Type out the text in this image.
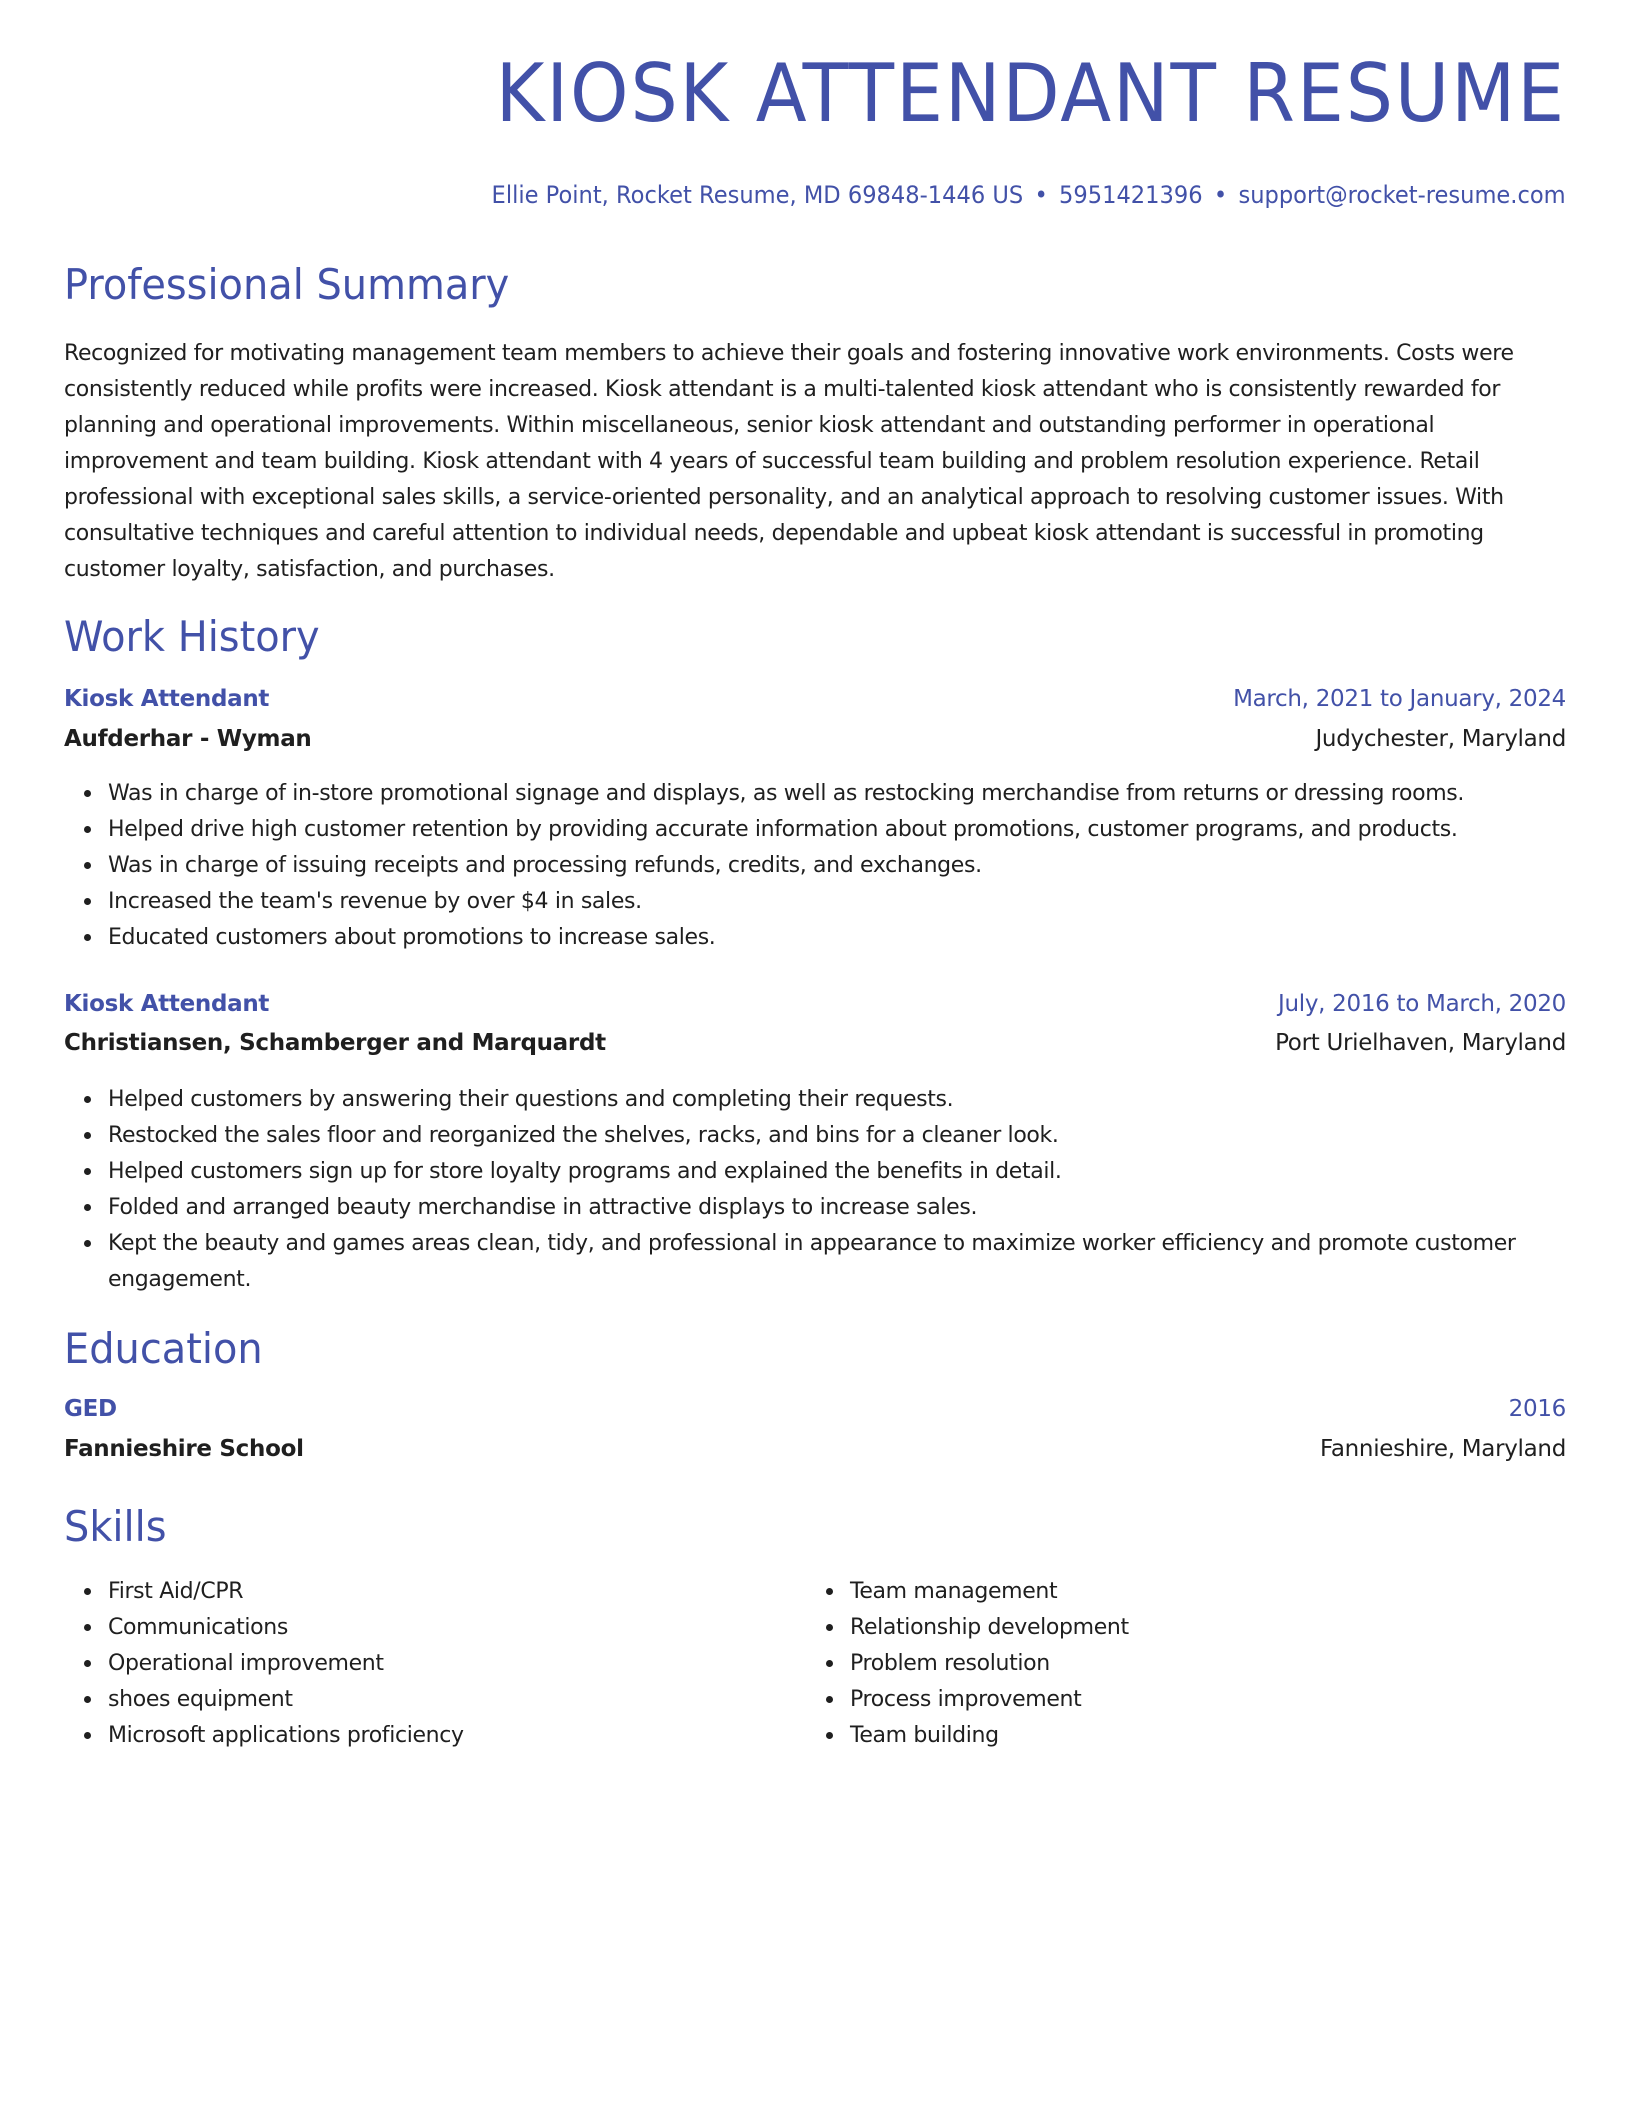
KIOSK ATTENDANT RESUME
Ellie Point, Rocket Resume, MD 69848-1446 US • 5951421396 • support@rocket-resume.com
Professional Summary

Recognized for motivating management team members to achieve their goals and fostering innovative work environments. Costs were consistently reduced while profits were increased. Kiosk attendant is a multi-talented kiosk attendant who is consistently rewarded for planning and operational improvements. Within miscellaneous, senior kiosk attendant and outstanding performer in operational improvement and team building. Kiosk attendant with 4 years of successful team building and problem resolution experience. Retail professional with exceptional sales skills, a service-oriented personality, and an analytical approach to resolving customer issues. With consultative techniques and careful attention to individual needs, dependable and upbeat kiosk attendant is successful in promoting customer loyalty, satisfaction, and purchases.

Work History
Kiosk Attendant	March, 2021 to January, 2024
Aufderhar - Wyman	Judychester, Maryland
Was in charge of in-store promotional signage and displays, as well as restocking merchandise from returns or dressing rooms.
Helped drive high customer retention by providing accurate information about promotions, customer programs, and products.
Was in charge of issuing receipts and processing refunds, credits, and exchanges.
Increased the team's revenue by over $4 in sales.
Educated customers about promotions to increase sales.
Kiosk Attendant	July, 2016 to March, 2020
Christiansen, Schamberger and Marquardt	Port Urielhaven, Maryland
Helped customers by answering their questions and completing their requests.
Restocked the sales floor and reorganized the shelves, racks, and bins for a cleaner look.
Helped customers sign up for store loyalty programs and explained the benefits in detail.
Folded and arranged beauty merchandise in attractive displays to increase sales.
Kept the beauty and games areas clean, tidy, and professional in appearance to maximize worker efficiency and promote customer engagement.
Education
GED	2016
Fannieshire School	Fannieshire, Maryland
Skills
First Aid/CPR
Communications
Operational improvement
shoes equipment
Microsoft applications proficiency
Team management
Relationship development
Problem resolution
Process improvement
Team building
